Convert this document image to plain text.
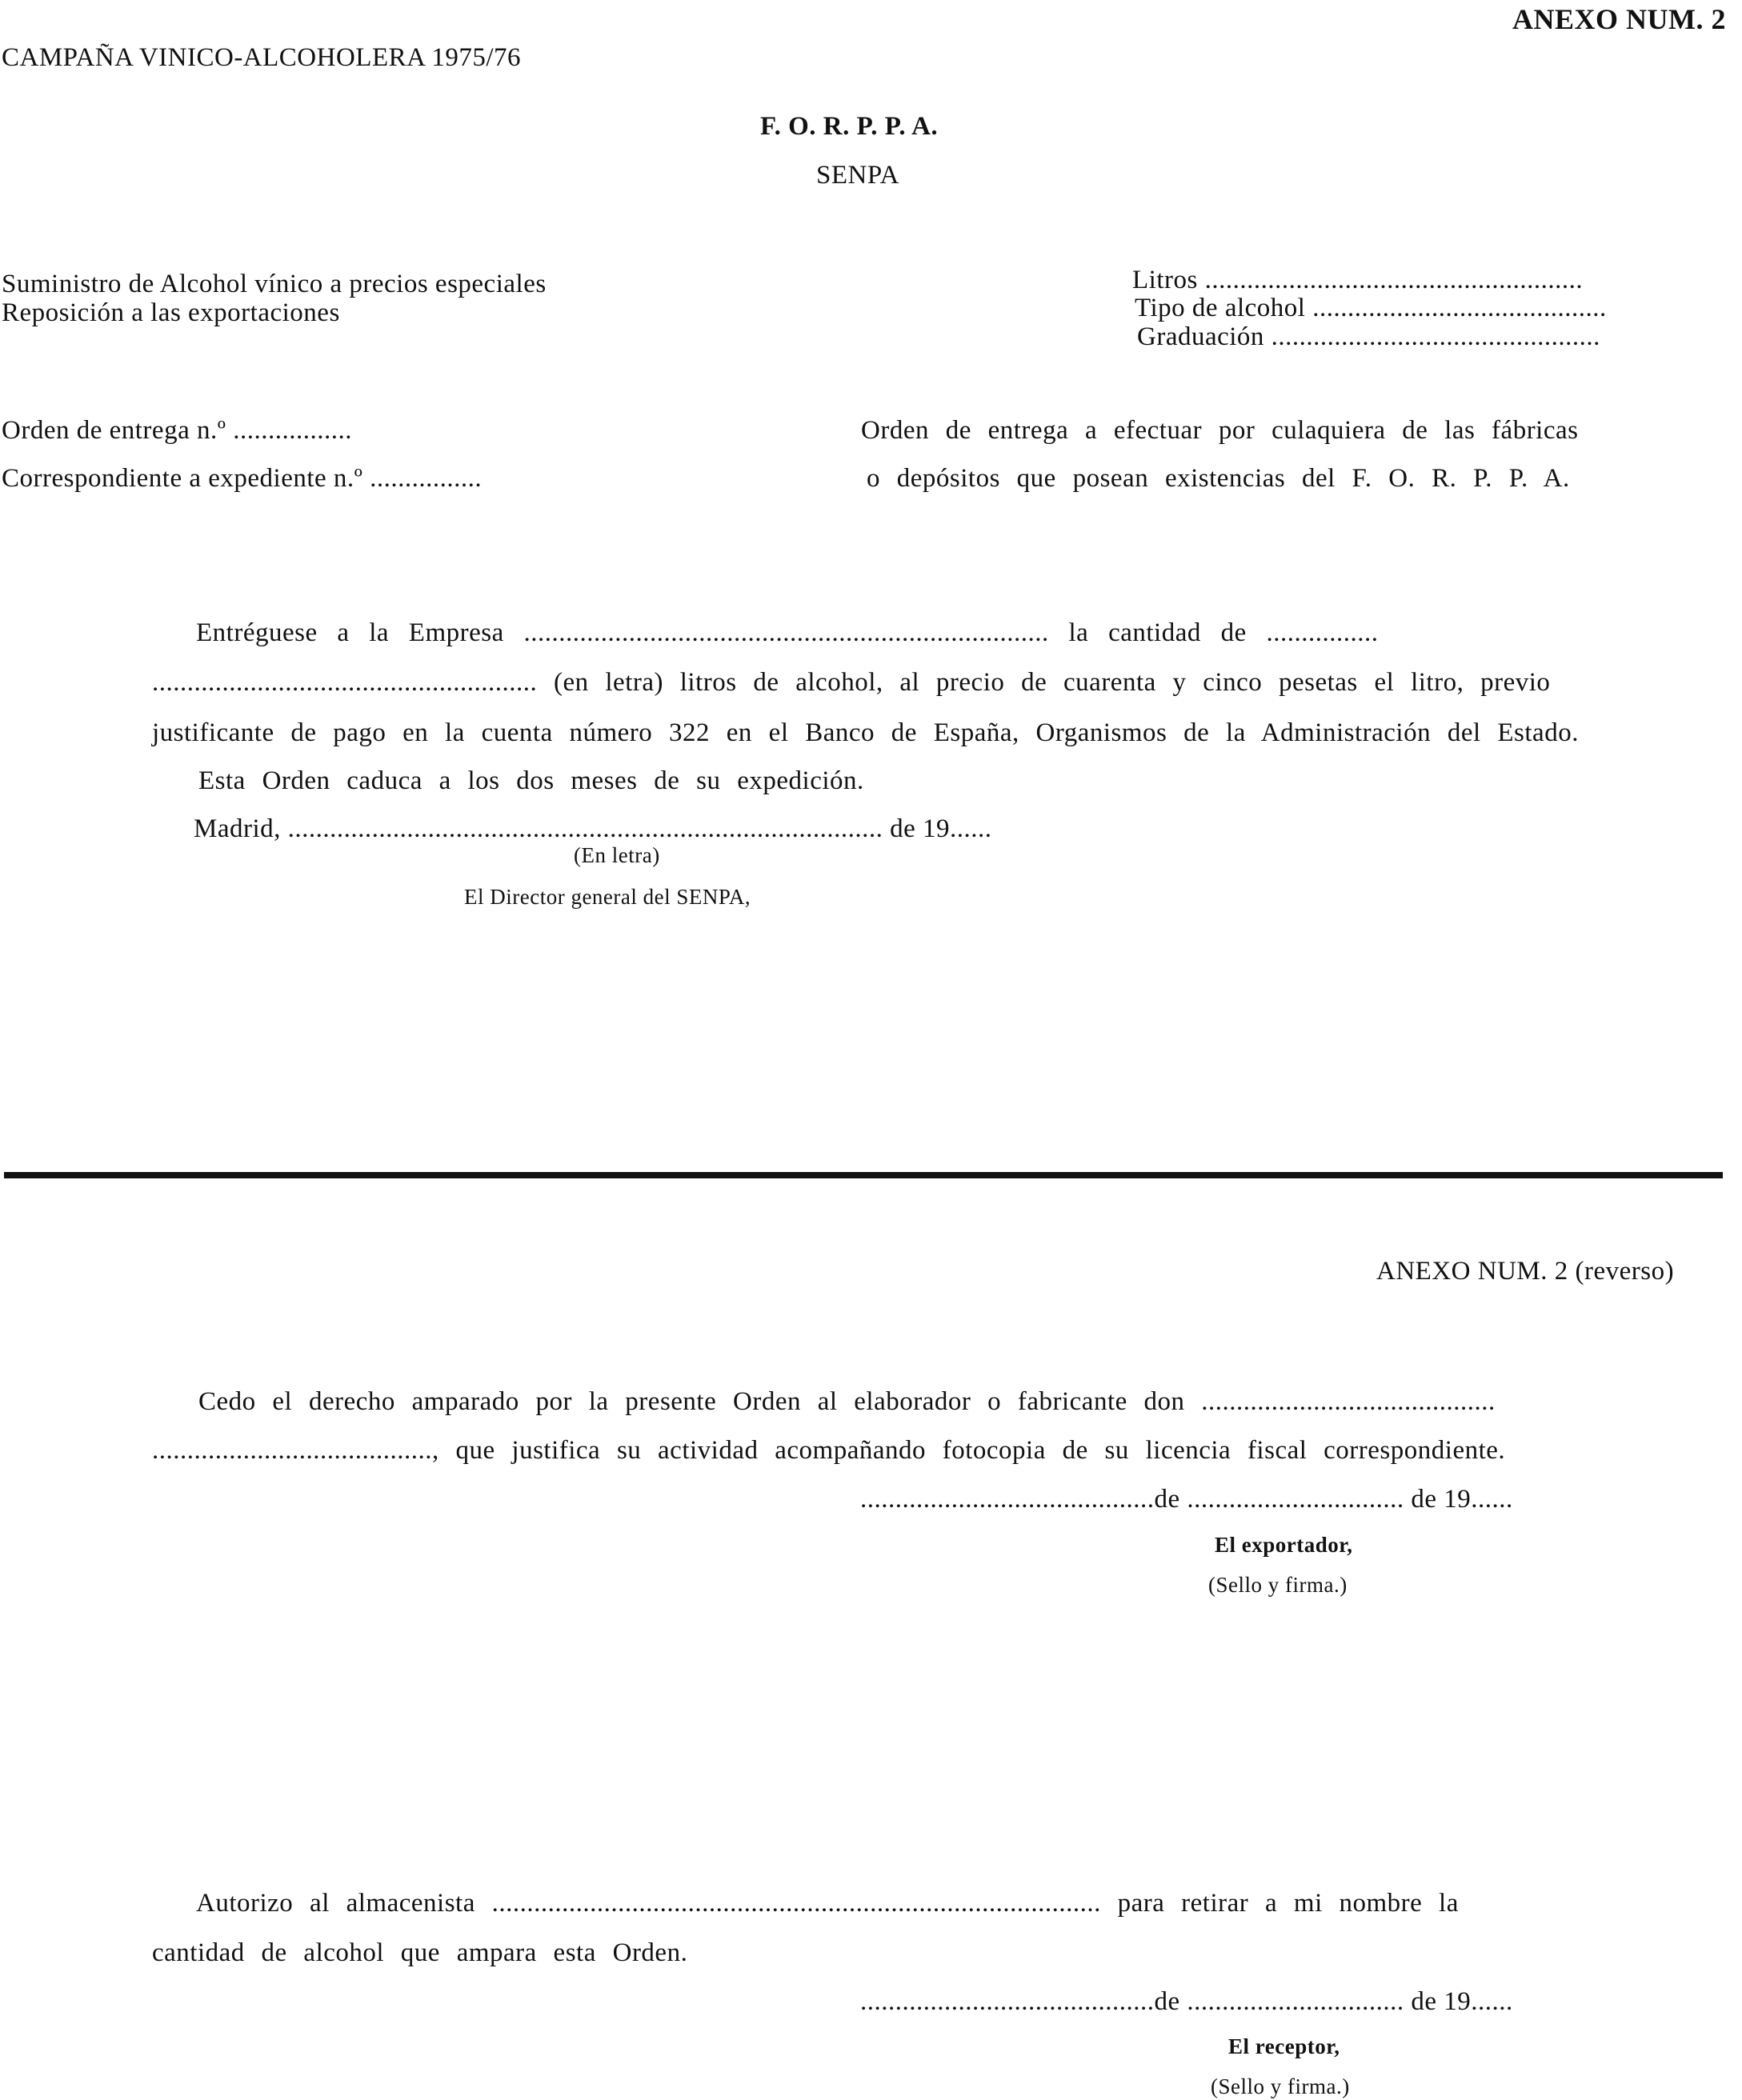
ANEXO NUM. 2
CAMPAÑA VINICO-ALCOHOLERA 1975/76
F. O. R. P. P. A.
SENPA
Suministro de Alcohol vínico a precios especiales
Reposición a las exportaciones
Litros ......................................................
Tipo de alcohol ..........................................
Graduación ...............................................
Orden de entrega n.º .................
Correspondiente a expediente n.º ................
Orden de entrega a efectuar por culaquiera de las fábricas
o depósitos que posean existencias del F. O. R. P. P. A.
Entréguese a la Empresa ........................................................................... la cantidad de ................
....................................................... (en letra) litros de alcohol, al precio de cuarenta y cinco pesetas el litro, previo
justificante de pago en la cuenta número 322 en el Banco de España, Organismos de la Administración del Estado.
Esta Orden caduca a los dos meses de su expedición.
Madrid, ..................................................................................... de 19......
(En letra)
El Director general del SENPA,
ANEXO NUM. 2 (reverso)
Cedo el derecho amparado por la presente Orden al elaborador o fabricante don ..........................................
........................................, que justifica su actividad acompañando fotocopia de su licencia fiscal correspondiente.
..........................................de ............................... de 19......
El exportador,
(Sello y firma.)
Autorizo al almacenista ....................................................................................... para retirar a mi nombre la
cantidad de alcohol que ampara esta Orden.
..........................................de ............................... de 19......
El receptor,
(Sello y firma.)
